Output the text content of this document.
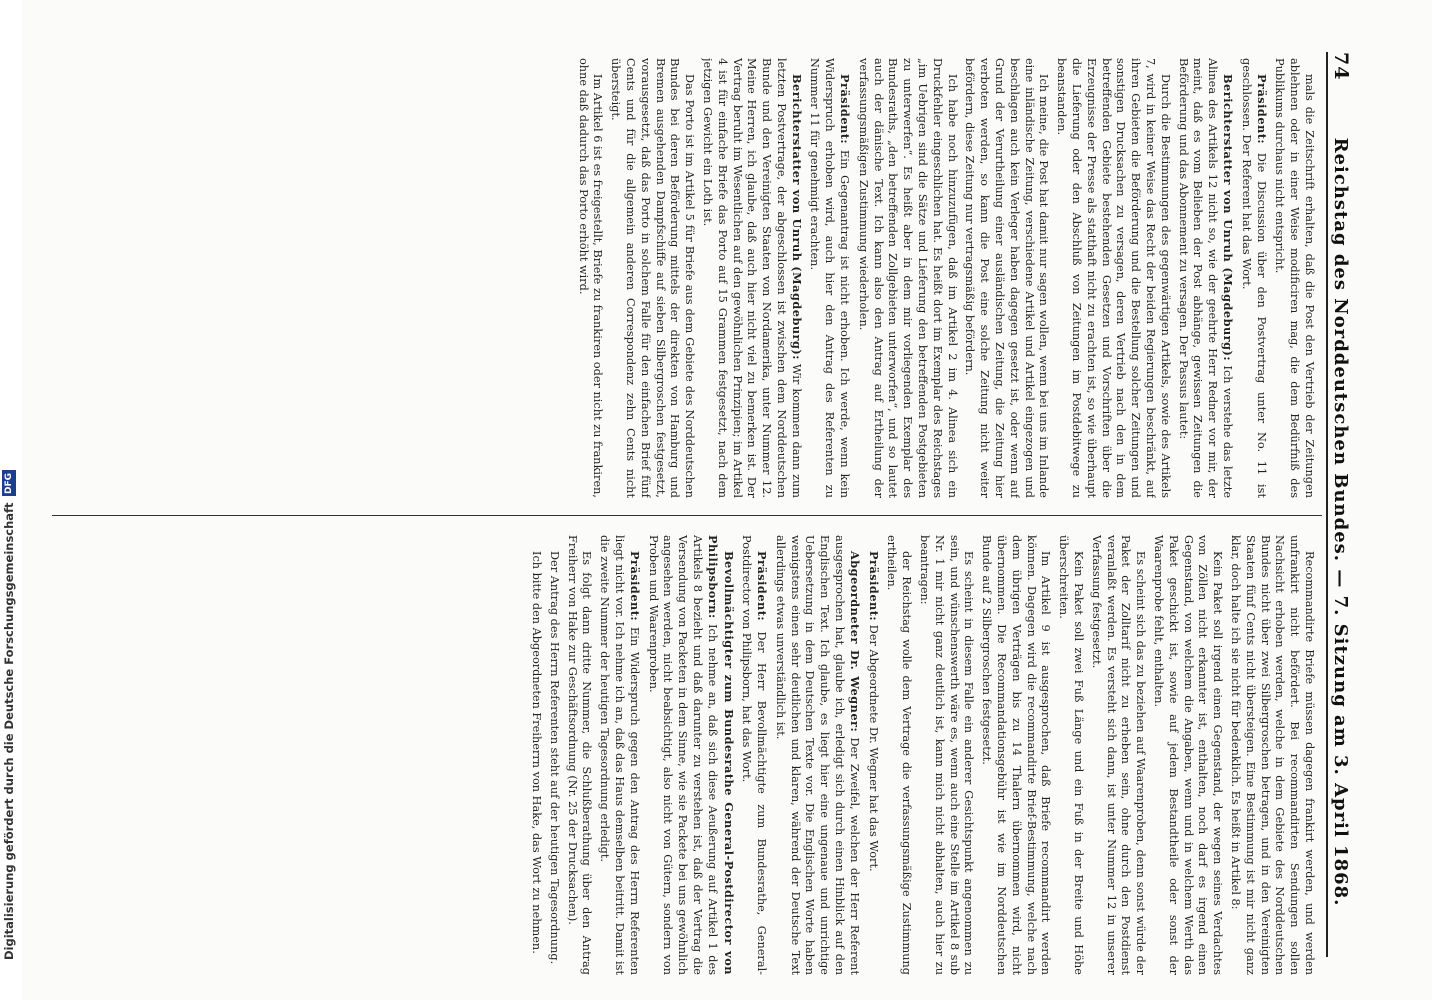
74
Reichstag des Norddeutschen Bundes. — 7. Sitzung am 3. April 1868.

mals die Zeitschrift erhalten, daß die Post den Vertrieb der Zeitungen ablehnen oder in einer Weise modificiren mag, die dem Bedürfniß des Publikums durchaus nicht entspricht.

Präsident: Die Discussion über den Postvertrag unter No. 11 ist geschlossen. Der Referent hat das Wort.

Berichterstatter von Unruh (Magdeburg): Ich verstehe das letzte Alinea des Artikels 12 nicht so, wie der geehrte Herr Redner vor mir, der meint, daß es vom Belieben der Post abhänge, gewissen Zeitungen die Beförderung und das Abonnement zu versagen. Der Passus lautet:

Durch die Bestimmungen des gegenwärtigen Artikels, sowie des Artikels 7, wird in keiner Weise das Recht der beiden Regierungen beschränkt, auf ihren Gebieten die Beförderung und die Bestellung solcher Zeitungen und sonstigen Drucksachen zu versagen, deren Vertrieb nach den in dem betreffenden Gebiete bestehenden Gesetzen und Vorschriften über die Erzeugnisse der Presse als statthaft nicht zu erachten ist, so wie überhaupt die Lieferung oder den Abschluß von Zeitungen im Postdebitwege zu beanstanden.

Ich meine, die Post hat damit nur sagen wollen, wenn bei uns im Inlande eine inländische Zeitung, verschiedene Artikel und Artikel eingezogen und beschlagen auch kein Verleger haben dagegen gesetzt ist, oder wenn auf Grund der Verurtheilung einer ausländischen Zeitung, die Zeitung hier verboten werden, so kann die Post eine solche Zeitung nicht weiter befördern, diese Zeitung nur vertragsmäßig befördern.

Ich habe noch hinzuzufügen, daß im Artikel 2 im 4. Alinea sich ein Druckfehler eingeschlichen hat. Es heißt dort im Exemplar des Reichstages „im Uebrigen sind die Sätze und Lieferung den betreffenden Postgebieten zu unterwerfen“. Es heißt aber in dem mir vorliegenden Exemplar des Bundesraths, „den betreffenden Zollgebieten unterworfen“, und so lautet auch der dänische Text. Ich kann also den Antrag auf Ertheilung der verfassungsmäßigen Zustimmung wiederholen.

Präsident: Ein Gegenantrag ist nicht erhoben. Ich werde, wenn kein Widerspruch erhoben wird, auch hier den Antrag des Referenten zu Nummer 11 für genehmigt erachten.

Berichterstatter von Unruh (Magdeburg): Wir kommen dann zum letzten Postvertrage, der abgeschlossen ist zwischen dem Norddeutschen Bunde und den Vereinigten Staaten von Nordamerika, unter Nummer 12. Meine Herren, ich glaube, daß auch hier nicht viel zu bemerken ist. Der Vertrag beruht im Wesentlichen auf den gewöhnlichen Prinzipien; im Artikel 4 ist für einfache Briefe das Porto auf 15 Grammen festgesetzt, nach dem jetzigen Gewicht ein Loth ist.

Das Porto ist im Artikel 5 für Briefe aus dem Gebiete des Norddeutschen Bundes bei deren Beförderung mittels der direkten von Hamburg und Bremen ausgehenden Dampfschiffe auf sieben Silbergroschen festgesetzt, vorausgesetzt, daß das Porto in solchem Falle für den einfachen Brief fünf Cents und für die allgemein anderen Correspondenz zehn Cents nicht übersteigt.

Im Artikel 6 ist es freigestellt, Briefe zu frankiren oder nicht zu frankiren, ohne daß dadurch das Porto erhöht wird.

Recommandirte Briefe müssen dagegen frankirt werden, und werden unfrankirt nicht befördert. Bei recommandirten Sendungen sollen Nachsicht erhoben werden, welche in dem Gebiete des Norddeutschen Bundes nicht über zwei Silbergroschen betragen, und in den Vereinigten Staaten fünf Cents nicht übersteigen. Eine Bestimmung ist mir nicht ganz klar, doch halte ich sie nicht für bedenklich. Es heißt in Artikel 8:

Kein Paket soll irgend einen Gegenstand, der wegen seines Verdachtes von Zöllen nicht erkannter ist, enthalten, noch darf es irgend einen Gegenstand, von welchem die Angaben, wenn und in welchem Werth das Paket geschickt ist, sowie auf jedem Bestandtheile oder sonst der Waarenprobe fehlt, enthalten.

Es scheint sich das zu beziehen auf Waarenproben, denn sonst würde der Paket der Zolltarif nicht zu erheben sein, ohne durch den Postdienst veranlaßt werden. Es versteht sich dann, ist unter Nummer 12 in unserer Verfassung festgesetzt.

Kein Paket soll zwei Fuß Länge und ein Fuß in der Breite und Höhe überschreiten.

Im Artikel 9 ist ausgesprochen, daß Briefe recommandirt werden können. Dagegen wird die recommandirte Brief-Bestimmung, welche nach dem übrigen Verträgen bis zu 14 Thalern übernommen wird, nicht übernommen. Die Recommandationsgebühr ist wie im Norddeutschen Bunde auf 2 Silbergroschen festgesetzt.

Es scheint in diesem Falle ein anderer Gesichtspunkt angenommen zu sein, und wünschenswerth wäre es, wenn auch eine Stelle im Artikel 8 sub Nr. 1 mir nicht ganz deutlich ist, kann mich nicht abhalten, auch hier zu beantragen:

der Reichstag wolle dem Vertrage die verfassungsmäßige Zustimmung ertheilen.

Präsident: Der Abgeordnete Dr. Wegner hat das Wort.

Abgeordneter Dr. Wegner: Der Zweifel, welchen der Herr Referent ausgesprochen hat, glaube ich, erledigt sich durch einen Hinblick auf den Englischen Text. Ich glaube, es liegt hier eine ungenaue und unrichtige Uebersetzung in dem Deutschen Texte vor. Die Englischen Worte haben wenigstens einen sehr deutlichen und klaren, während der Deutsche Text allerdings etwas unverständlich ist.

Präsident: Der Herr Bevollmächtigte zum Bundesrathe, General-Postdirector von Philipsborn, hat das Wort.

Bevollmächtigter zum Bundesrathe General-Postdirector von Philipsborn: Ich nehme an, daß sich diese Aeußerung auf Artikel 1 des Artikels 8 bezieht und daß darunter zu verstehen ist, daß der Vertrag die Versendung von Packeten in dem Sinne, wie sie Packete bei uns gewöhnlich angesehen werden, nicht beabsichtigt, also nicht von Gütern, sondern von Proben und Waarenproben.

Präsident: Ein Widerspruch gegen den Antrag des Herrn Referenten liegt nicht vor. Ich nehme ich an, daß das Haus demselben beitritt. Damit ist die zweite Nummer der heutigen Tagesordnung erledigt.

Es folgt dann dritte Nummer, die Schlußberathung über den Antrag Freiherr von Hake zur Geschäftsordnung (Nr. 25 der Drucksachen).

Der Antrag des Herrn Referenten steht auf der heutigen Tagesordnung.

Ich bitte den Abgeordneten Freiherrn von Hake, das Wort zu nehmen.

Digitalisierung gefördert durch die Deutsche Forschungsgemeinschaft
DFG
